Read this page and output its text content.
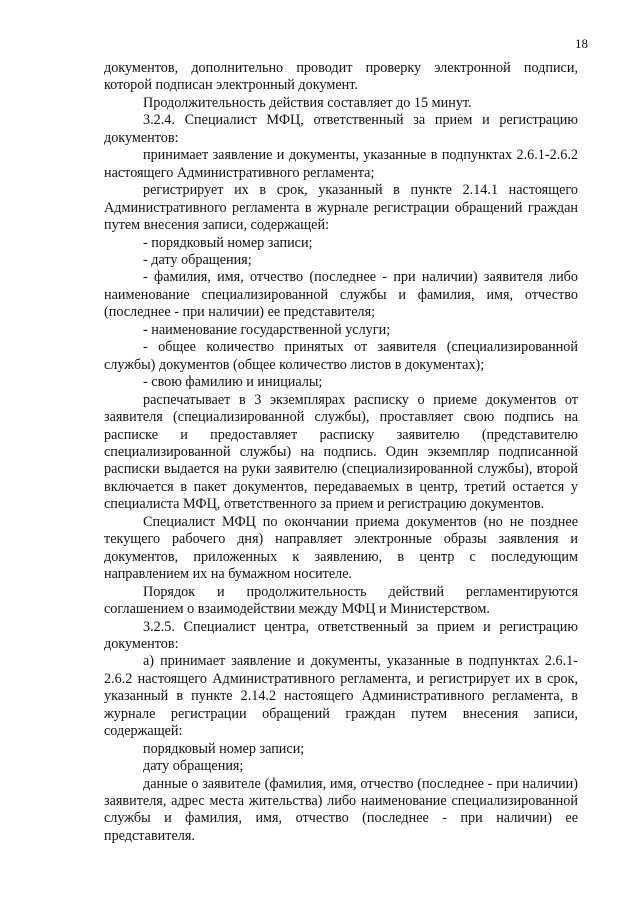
18

документов, дополнительно проводит проверку электронной подписи, которой подписан электронный документ.

Продолжительность действия составляет до 15 минут.

3.2.4. Специалист МФЦ, ответственный за прием и регистрацию документов:

принимает заявление и документы, указанные в подпунктах 2.6.1-2.6.2 настоящего Административного регламента;

регистрирует их в срок, указанный в пункте 2.14.1 настоящего Административного регламента в журнале регистрации обращений граждан путем внесения записи, содержащей:

- порядковый номер записи;

- дату обращения;

- фамилия, имя, отчество (последнее - при наличии) заявителя либо наименование специализированной службы и фамилия, имя, отчество (последнее - при наличии) ее представителя;

- наименование государственной услуги;

- общее количество принятых от заявителя (специализированной службы) документов (общее количество листов в документах);

- свою фамилию и инициалы;

распечатывает в 3 экземплярах расписку о приеме документов от заявителя (специализированной службы), проставляет свою подпись на расписке и предоставляет расписку заявителю (представителю специализированной службы) на подпись. Один экземпляр подписанной расписки выдается на руки заявителю (специализированной службы), второй включается в пакет документов, передаваемых в центр, третий остается у специалиста МФЦ, ответственного за прием и регистрацию документов.

Специалист МФЦ по окончании приема документов (но не позднее текущего рабочего дня) направляет электронные образы заявления и документов, приложенных к заявлению, в центр с последующим направлением их на бумажном носителе.

Порядок и продолжительность действий регламентируются соглашением о взаимодействии между МФЦ и Министерством.

3.2.5. Специалист центра, ответственный за прием и регистрацию документов:

а) принимает заявление и документы, указанные в подпунктах 2.6.1-2.6.2 настоящего Административного регламента, и регистрирует их в срок, указанный в пункте 2.14.2 настоящего Административного регламента, в журнале регистрации обращений граждан путем внесения записи, содержащей:

порядковый номер записи;

дату обращения;

данные о заявителе (фамилия, имя, отчество (последнее - при наличии) заявителя, адрес места жительства) либо наименование специализированной службы и фамилия, имя, отчество (последнее - при наличии) ее представителя.
